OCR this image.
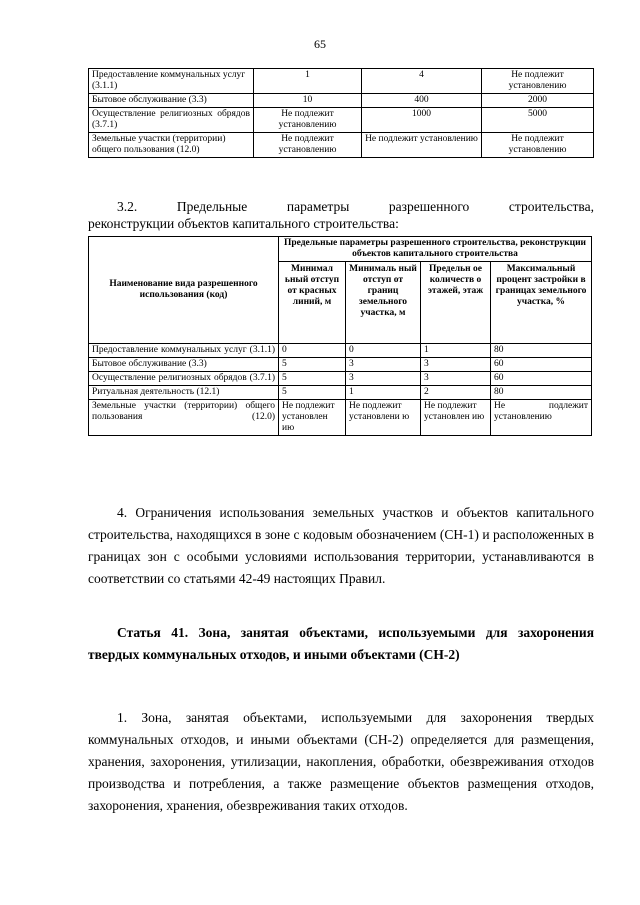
65
Предоставление коммунальных услуг (3.1.1)	1	4	Не подлежит установлению
Бытовое обслуживание (3.3)	10	400	2000
Осуществление религиозных обрядов (3.7.1)	Не подлежит установлению	1000	5000
Земельные участки (территории) общего пользования (12.0)	Не подлежит установлению	Не подлежит установлению	Не подлежит установлению
3.2.	Предельные	параметры	разрешенного	строительства,
реконструкции объектов капитального строительства:
Наименование вида разрешенного использования (код)	Предельные параметры разрешенного строительства, реконструкции объектов капитального строительства			
	Минимал ьный отступ от красных линий, м	Минималь ный отступ от границ земельного участка, м	Предельн ое количеств о этажей, этаж	Максимальный процент застройки в границах земельного участка, %
Предоставление коммунальных услуг (3.1.1)	0	0	1	80
Бытовое обслуживание (3.3)	5	3	3	60
Осуществление религиозных обрядов (3.7.1)	5	3	3	60
Ритуальная деятельность (12.1)	5	1	2	80
Земельные участки (территории) общего пользования (12.0)	Не подлежит установлен ию	Не подлежит установлени ю	Не подлежит установлен ию	Не подлежит установлению

4. Ограничения использования земельных участков и объектов капитального строительства, находящихся в зоне с кодовым обозначением (СН-1) и расположенных в границах зон с особыми условиями использования территории, устанавливаются в соответствии со статьями 42-49 настоящих Правил.

Статья 41. Зона, занятая объектами, используемыми для захоронения твердых коммунальных отходов, и иными объектами (СН-2)

1. Зона, занятая объектами, используемыми для захоронения твердых коммунальных отходов, и иными объектами (СН-2) определяется для размещения, хранения, захоронения, утилизации, накопления, обработки, обезвреживания отходов производства и потребления, а также размещение объектов размещения отходов, захоронения, хранения, обезвреживания таких отходов.
